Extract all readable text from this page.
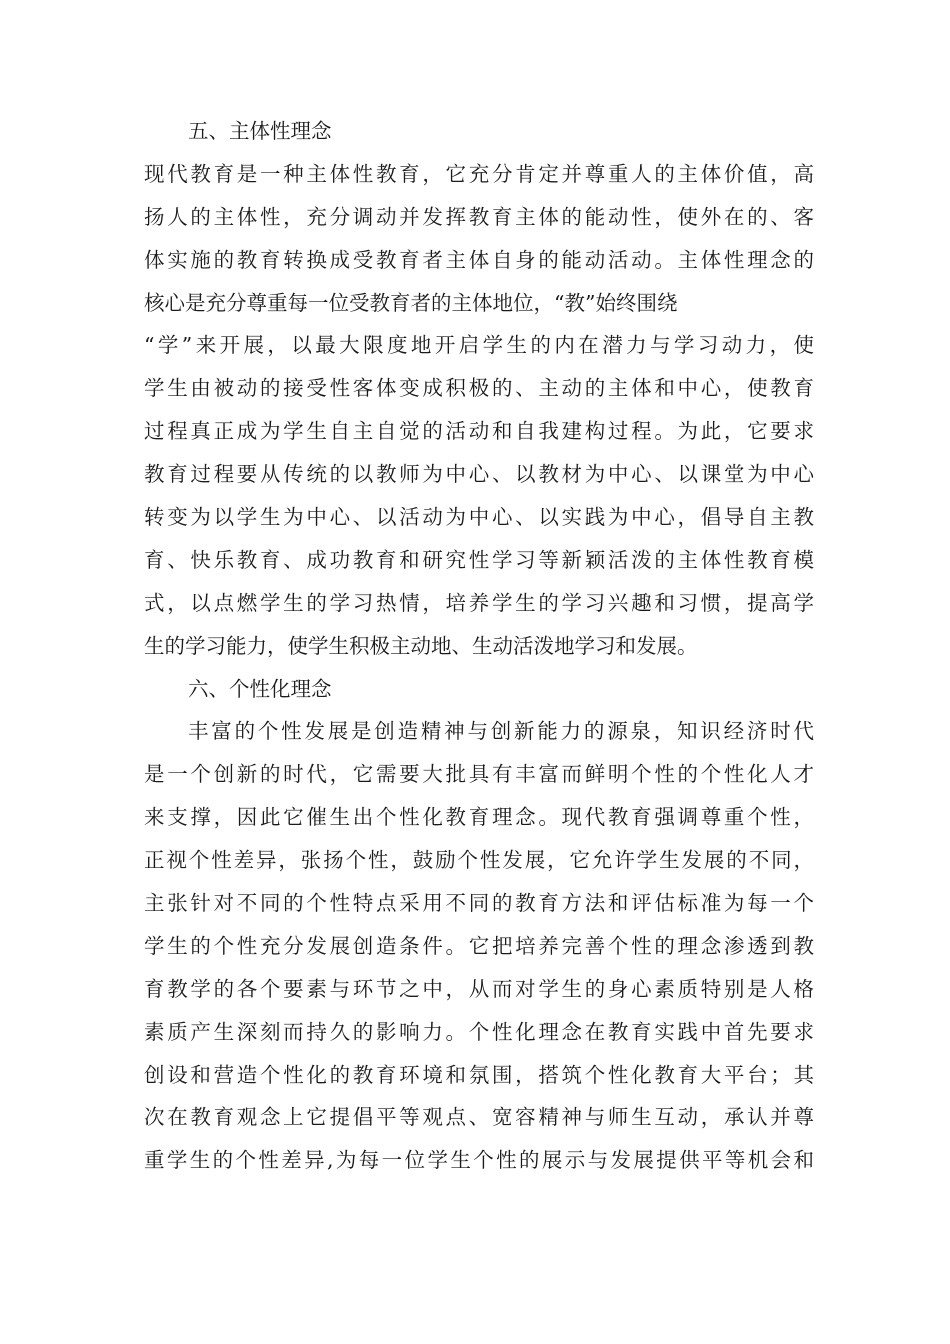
五、主体性理念
现代教育是一种主体性教育，它充分肯定并尊重人的主体价值，高
扬人的主体性，充分调动并发挥教育主体的能动性，使外在的、客
体实施的教育转换成受教育者主体自身的能动活动。主体性理念的
核心是充分尊重每一位受教育者的主体地位，“教”始终围绕
“学”来开展，以最大限度地开启学生的内在潜力与学习动力，使
学生由被动的接受性客体变成积极的、主动的主体和中心，使教育
过程真正成为学生自主自觉的活动和自我建构过程。为此，它要求
教育过程要从传统的以教师为中心、以教材为中心、以课堂为中心
转变为以学生为中心、以活动为中心、以实践为中心，倡导自主教
育、快乐教育、成功教育和研究性学习等新颖活泼的主体性教育模
式，以点燃学生的学习热情，培养学生的学习兴趣和习惯，提高学
生的学习能力，使学生积极主动地、生动活泼地学习和发展。
六、个性化理念
丰富的个性发展是创造精神与创新能力的源泉，知识经济时代
是一个创新的时代，它需要大批具有丰富而鲜明个性的个性化人才
来支撑，因此它催生出个性化教育理念。现代教育强调尊重个性，
正视个性差异，张扬个性，鼓励个性发展，它允许学生发展的不同，
主张针对不同的个性特点采用不同的教育方法和评估标准为每一个
学生的个性充分发展创造条件。它把培养完善个性的理念渗透到教
育教学的各个要素与环节之中，从而对学生的身心素质特别是人格
素质产生深刻而持久的影响力。个性化理念在教育实践中首先要求
创设和营造个性化的教育环境和氛围，搭筑个性化教育大平台；其
次在教育观念上它提倡平等观点、宽容精神与师生互动，承认并尊
重学生的个性差异,为每一位学生个性的展示与发展提供平等机会和
